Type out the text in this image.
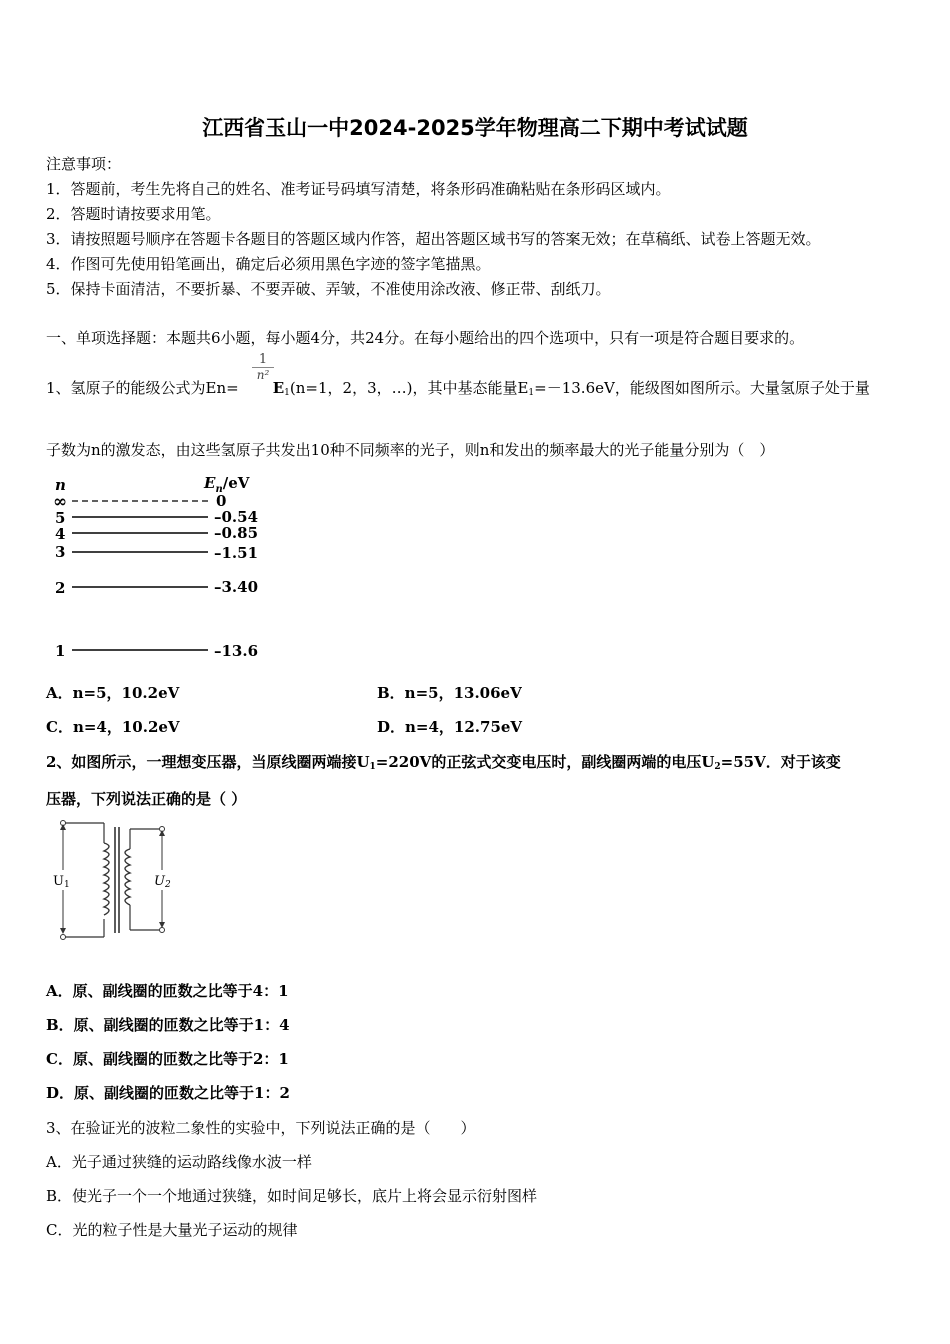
江西省玉山一中2024-2025学年物理高二下期中考试试题
注意事项：
1．答题前，考生先将自己的姓名、准考证号码填写清楚，将条形码准确粘贴在条形码区域内。
2．答题时请按要求用笔。
3．请按照题号顺序在答题卡各题目的答题区域内作答，超出答题区域书写的答案无效；在草稿纸、试卷上答题无效。
4．作图可先使用铅笔画出，确定后必须用黑色字迹的签字笔描黑。
5．保持卡面清洁，不要折暴、不要弄破、弄皱，不准使用涂改液、修正带、刮纸刀。
一、单项选择题：本题共6小题，每小题4分，共24分。在每小题给出的四个选项中，只有一项是符合题目要求的。
1、氢原子的能级公式为$En= E_1(n=1$，2，3，…)，其中基态能量$E_1=-13.6eV$，能级图如图所示。大量氢原子处于量
$\frac{1}{\text{n²}}$
子数为n的激发态，由这些氢原子共发出10种不同频率的光子，则n和发出的频率最大的光子能量分别为（　）
n	$E_n/eV$
∞	0
5	–0.54
4	–0.85
3	–1.51
2	–3.40
1	–13.6
A．n=5，10.2eV	B．n=5，13.06eV
C．n=4，10.2eV	D．n=4，12.75eV
2、如图所示，一理想变压器，当原线圈两端接$U_1=220V$的正弦式交变电压时，副线圈两端的电压$U_2=55V$．对于该变
压器，下列说法正确的是（ ）
U1	U2
A．原、副线圈的匝数之比等于4：1
B．原、副线圈的匝数之比等于1：4
C．原、副线圈的匝数之比等于2：1
D．原、副线圈的匝数之比等于1：2
3、在验证光的波粒二象性的实验中，下列说法正确的是（　　）
A．光子通过狭缝的运动路线像水波一样
B．使光子一个一个地通过狭缝，如时间足够长，底片上将会显示衍射图样
C．光的粒子性是大量光子运动的规律
